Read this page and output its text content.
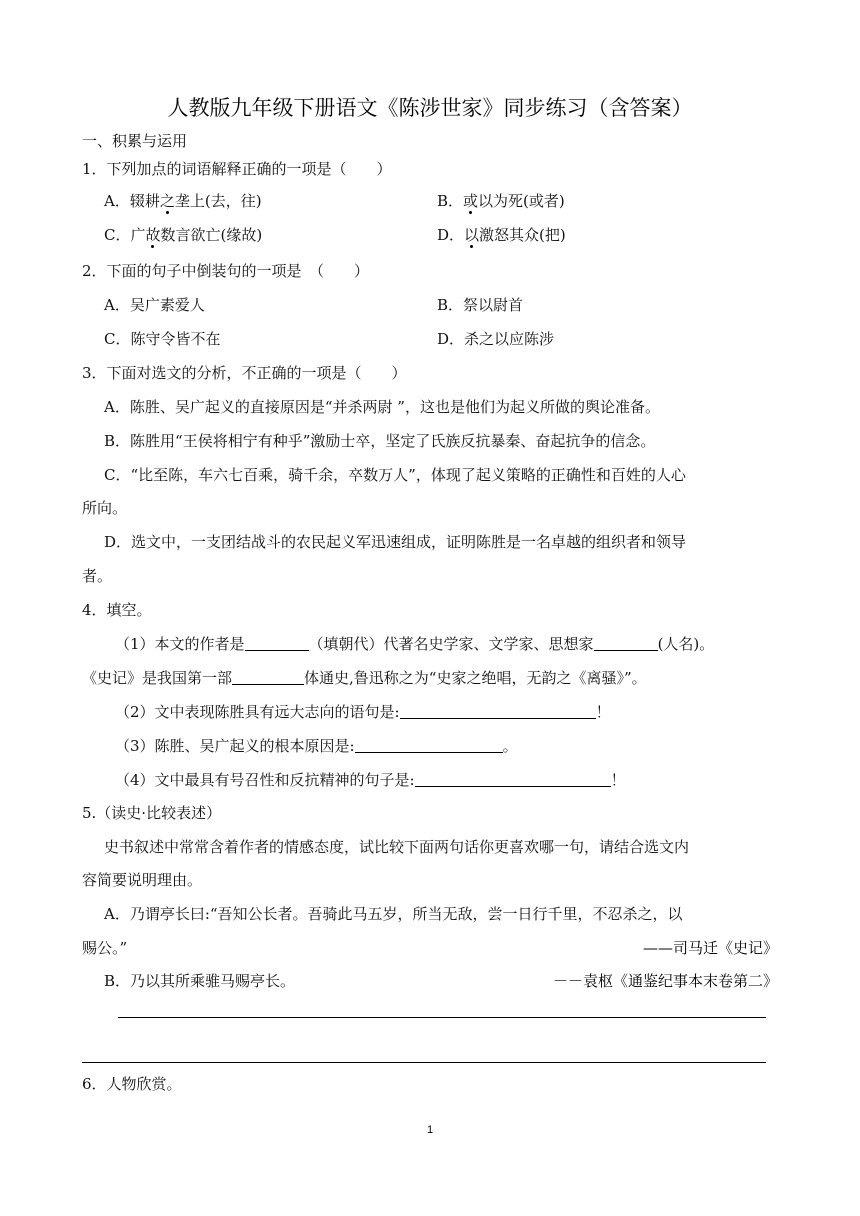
人教版九年级下册语文《陈涉世家》同步练习（含答案）
一、积累与运用
1．下列加点的词语解释正确的一项是（　　）
A．辍耕之垄上(去，往)	B．或以为死(或者)
C．广故数言欲亡(缘故)	D．以激怒其众(把)
2．下面的句子中倒装句的一项是　（　　）
A．吴广素爱人	B．祭以尉首
C．陈守令皆不在	D．杀之以应陈涉
3．下面对选文的分析，不正确的一项是（　　）
A．陈胜、吴广起义的直接原因是“并杀两尉 ”，这也是他们为起义所做的舆论准备。
B．陈胜用“王侯将相宁有种乎”激励士卒，坚定了氏族反抗暴秦、奋起抗争的信念。
C．“比至陈，车六七百乘，骑千余，卒数万人”，体现了起义策略的正确性和百姓的人心
所向。
D．选文中，一支团结战斗的农民起义军迅速组成，证明陈胜是一名卓越的组织者和领导
者。
4．填空。
（1）本文的作者是	（填朝代）代著名史学家、文学家、思想家	(人名)。
《史记》是我国第一部	体通史,鲁迅称之为“史家之绝唱，无韵之《离骚》”。
（2）文中表现陈胜具有远大志向的语句是:	！
（3）陈胜、吴广起义的根本原因是:	。
（4）文中最具有号召性和反抗精神的句子是:	！
5.（读史·比较表述）
史书叙述中常常含着作者的情感态度，试比较下面两句话你更喜欢哪一句，请结合选文内
容简要说明理由。
A．乃谓亭长曰:“吾知公长者。吾骑此马五岁，所当无敌，尝一日行千里，不忍杀之，以
赐公。”	——司马迁《史记》
B．乃以其所乘骓马赐亭长。	－－袁枢《通鉴纪事本末卷第二》
6．人物欣赏。
1
